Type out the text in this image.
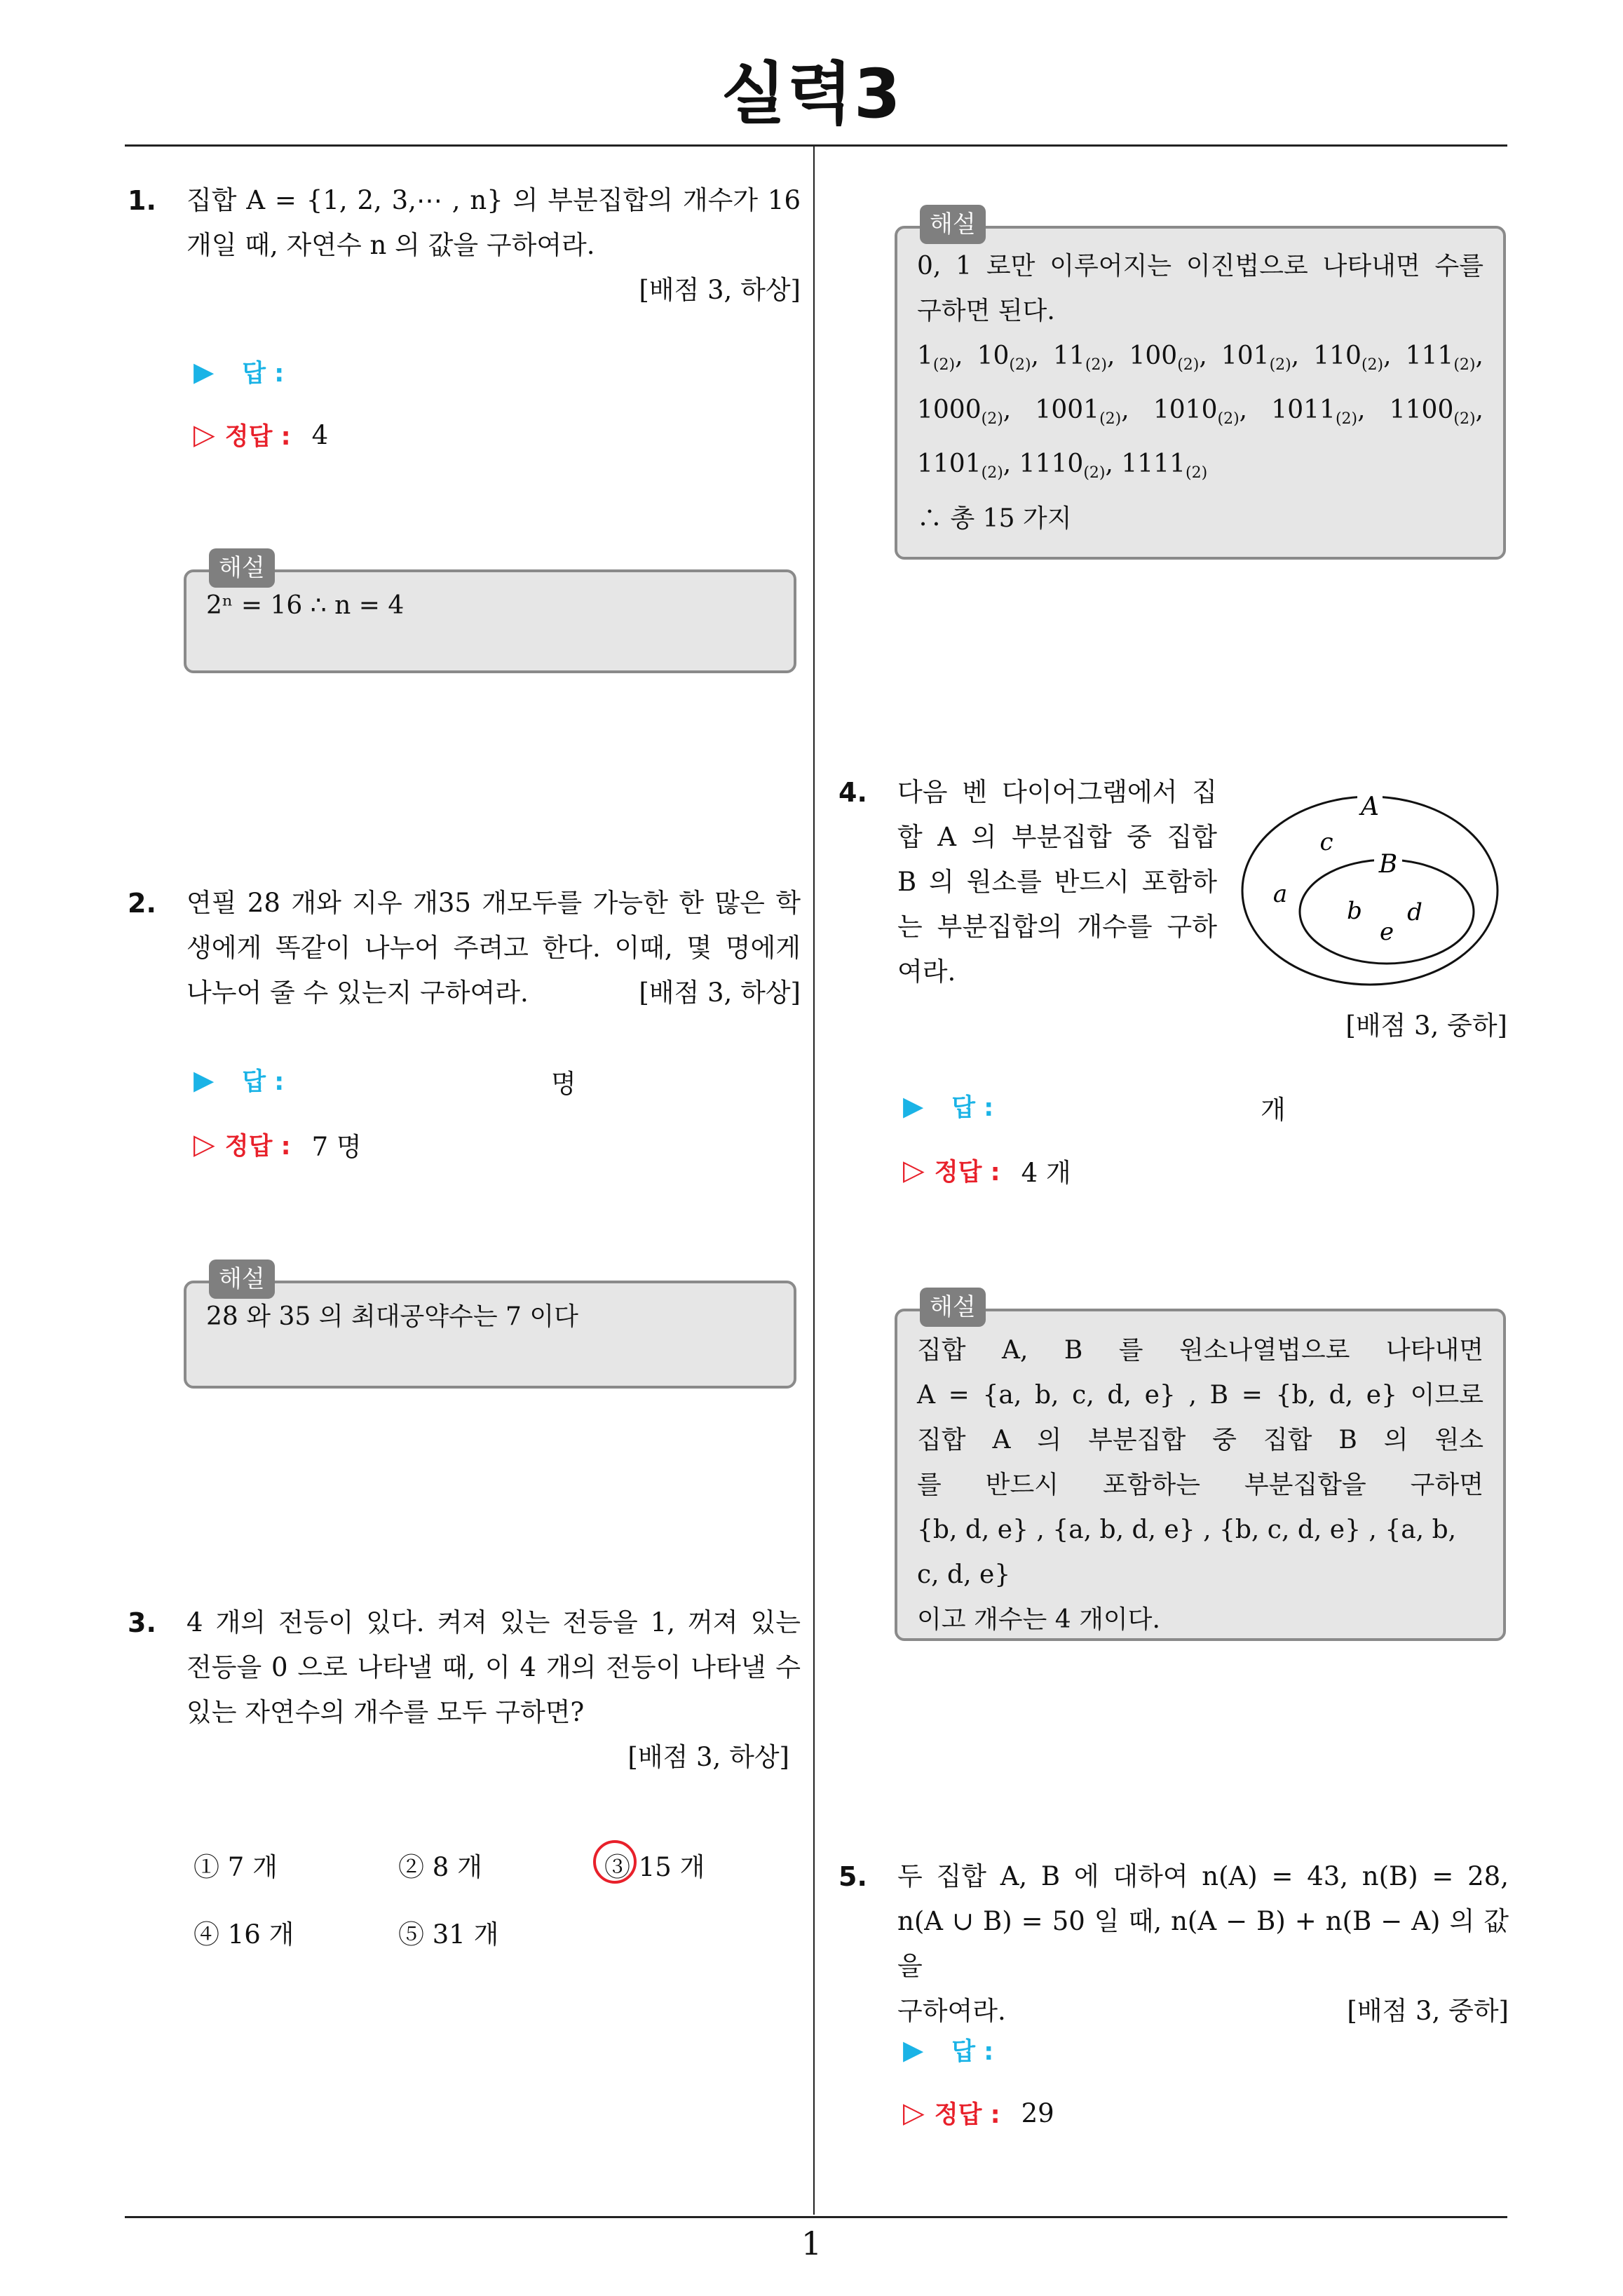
실력3
1
1. 집합 A = {1, 2, 3,⋯ , n} 의 부분집합의 개수가 16

개일 때, 자연수 n 의 값을 구하여라.

[배점 3, 하상]

▶ 답 :
▷ 정답 : 4
해설

2ⁿ = 16 ∴ n = 4

2. 연필 28 개와 지우 개35 개모두를 가능한 한 많은 학

생에게 똑같이 나누어 주려고 한다. 이때, 몇 명에게

나누어 줄 수 있는지 구하여라.	[배점 3, 하상]

▶ 답 :	명
▷ 정답 : 7 명
해설

28 와 35 의 최대공약수는 7 이다

3. 4 개의 전등이 있다. 켜져 있는 전등을 1, 꺼져 있는

전등을 0 으로 나타낼 때, 이 4 개의 전등이 나타낼 수

있는 자연수의 개수를 모두 구하면?

[배점 3, 하상]

① 7 개	② 8 개	③ 15 개
④ 16 개	⑤ 31 개
해설

0, 1 로만 이루어지는 이진법으로 나타내면 수를

구하면 된다.

$1_{(2)}$, $10_{(2)}$, $11_{(2)}$, $100_{(2)}$, $101_{(2)}$, $110_{(2)}$, $111_{(2)}$,

$1000_{(2)}$, $1001_{(2)}$, $1010_{(2)}$, $1011_{(2)}$, $1100_{(2)}$,

$1101_{(2)}$, $1110_{(2)}$, $1111_{(2)}$

∴ 총 15 가지

4. 다음 벤 다이어그램에서 집

합 A 의 부분집합 중 집합

B 의 원소를 반드시 포함하

는 부분집합의 개수를 구하

여라.

A
B
c
a
b d
e
[배점 3, 중하]
▶ 답 :	개
▷ 정답 : 4 개
해설

집합 A, B 를 원소나열법으로 나타내면

A = {a, b, c, d, e} , B = {b, d, e} 이므로

집합 A 의 부분집합 중 집합 B 의 원소

를 반드시 포함하는 부분집합을 구하면

{b, d, e} , {a, b, d, e} , {b, c, d, e} , {a, b, c, d, e}

이고 개수는 4 개이다.

5. 두 집합 A, B 에 대하여 n(A) = 43, n(B) = 28,

n(A ∪ B) = 50 일 때, n(A − B) + n(B − A) 의 값을

구하여라.	[배점 3, 중하]

▶ 답 :
▷ 정답 : 29
